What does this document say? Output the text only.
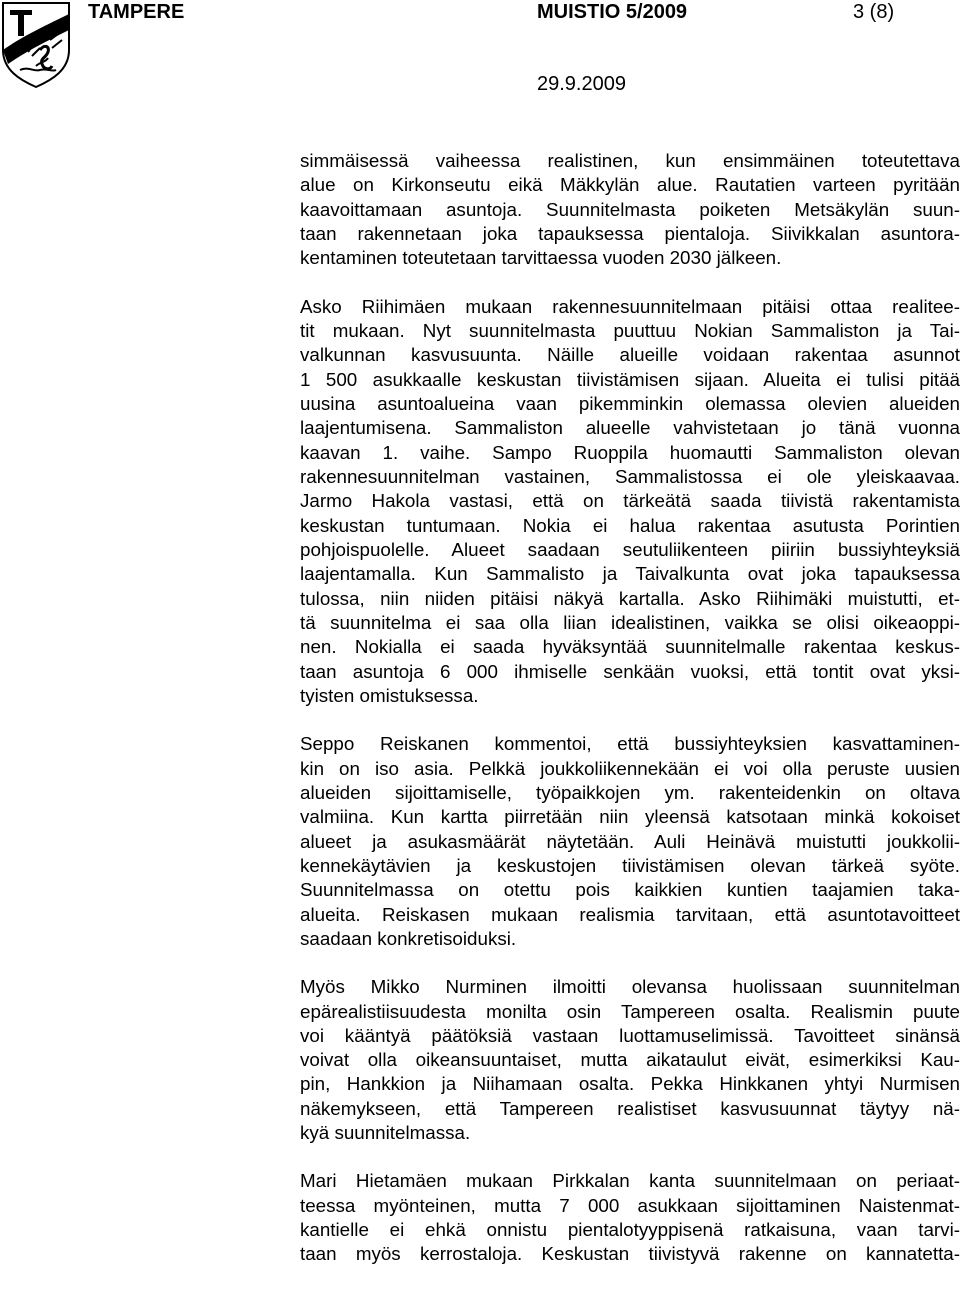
TAMPERE	MUISTIO 5/2009	3 (8)
29.9.2009
simmäisessä vaiheessa realistinen, kun ensimmäinen toteutettava
alue on Kirkonseutu eikä Mäkkylän alue. Rautatien varteen pyritään
kaavoittamaan asuntoja. Suunnitelmasta poiketen Metsäkylän suun-
taan rakennetaan joka tapauksessa pientaloja. Siivikkalan asuntora-
kentaminen toteutetaan tarvittaessa vuoden 2030 jälkeen.
Asko Riihimäen mukaan rakennesuunnitelmaan pitäisi ottaa realitee-
tit mukaan. Nyt suunnitelmasta puuttuu Nokian Sammaliston ja Tai-
valkunnan kasvusuunta. Näille alueille voidaan rakentaa asunnot
1 500 asukkaalle keskustan tiivistämisen sijaan. Alueita ei tulisi pitää
uusina asuntoalueina vaan pikemminkin olemassa olevien alueiden
laajentumisena. Sammaliston alueelle vahvistetaan jo tänä vuonna
kaavan 1. vaihe. Sampo Ruoppila huomautti Sammaliston olevan
rakennesuunnitelman vastainen, Sammalistossa ei ole yleiskaavaa.
Jarmo Hakola vastasi, että on tärkeätä saada tiivistä rakentamista
keskustan tuntumaan. Nokia ei halua rakentaa asutusta Porintien
pohjoispuolelle. Alueet saadaan seutuliikenteen piiriin bussiyhteyksiä
laajentamalla. Kun Sammalisto ja Taivalkunta ovat joka tapauksessa
tulossa, niin niiden pitäisi näkyä kartalla. Asko Riihimäki muistutti, et-
tä suunnitelma ei saa olla liian idealistinen, vaikka se olisi oikeaoppi-
nen. Nokialla ei saada hyväksyntää suunnitelmalle rakentaa keskus-
taan asuntoja 6 000 ihmiselle senkään vuoksi, että tontit ovat yksi-
tyisten omistuksessa.
Seppo Reiskanen kommentoi, että bussiyhteyksien kasvattaminen-
kin on iso asia. Pelkkä joukkoliikennekään ei voi olla peruste uusien
alueiden sijoittamiselle, työpaikkojen ym. rakenteidenkin on oltava
valmiina. Kun kartta piirretään niin yleensä katsotaan minkä kokoiset
alueet ja asukasmäärät näytetään. Auli Heinävä muistutti joukkolii-
kennekäytävien ja keskustojen tiivistämisen olevan tärkeä syöte.
Suunnitelmassa on otettu pois kaikkien kuntien taajamien taka-
alueita. Reiskasen mukaan realismia tarvitaan, että asuntotavoitteet
saadaan konkretisoiduksi.
Myös Mikko Nurminen ilmoitti olevansa huolissaan suunnitelman
epärealistiisuudesta monilta osin Tampereen osalta. Realismin puute
voi kääntyä päätöksiä vastaan luottamuselimissä. Tavoitteet sinänsä
voivat olla oikeansuuntaiset, mutta aikataulut eivät, esimerkiksi Kau-
pin, Hankkion ja Niihamaan osalta. Pekka Hinkkanen yhtyi Nurmisen
näkemykseen, että Tampereen realistiset kasvusuunnat täytyy nä-
kyä suunnitelmassa.
Mari Hietamäen mukaan Pirkkalan kanta suunnitelmaan on periaat-
teessa myönteinen, mutta 7 000 asukkaan sijoittaminen Naistenmat-
kantielle ei ehkä onnistu pientalotyyppisenä ratkaisuna, vaan tarvi-
taan myös kerrostaloja. Keskustan tiivistyvä rakenne on kannatetta-
